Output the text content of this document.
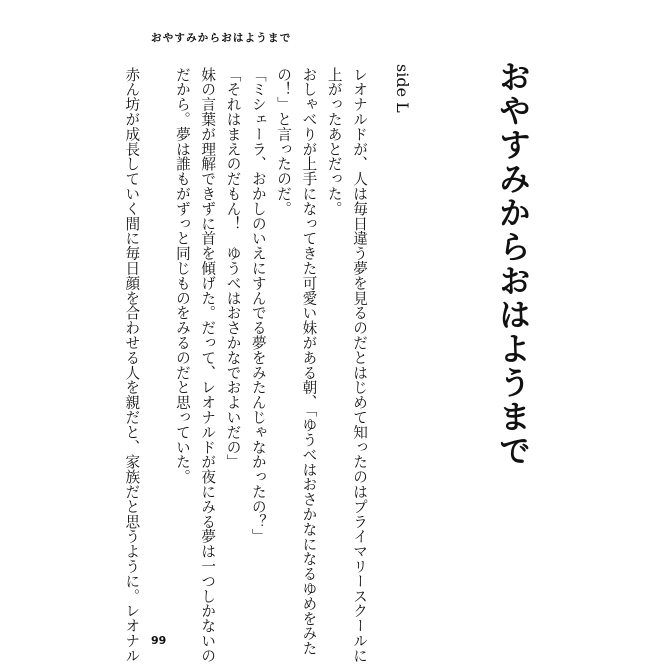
おやすみからおはようまで
おやすみからおはようまで
side L

レオナルドが、人は毎日違う夢を見るのだとはじめて知ったのはプライマリースクールに

上がったあとだった。

おしゃべりが上手になってきた可愛い妹がある朝、「ゆうべはおさかなになるゆめをみた

の！」と言ったのだ。

「ミシェーラ、おかしのいえにすんでる夢をみたんじゃなかったの？」

「それはまえのだもん！　ゆうべはおさかなでおよいだの」

妹の言葉が理解できずに首を傾げた。だって、レオナルドが夜にみる夢は一つしかないの

だから。夢は誰もがずっと同じものをみるのだと思っていた。

赤ん坊が成長していく間に毎日顔を合わせる人を親だと、家族だと思うように。レオナル 99
